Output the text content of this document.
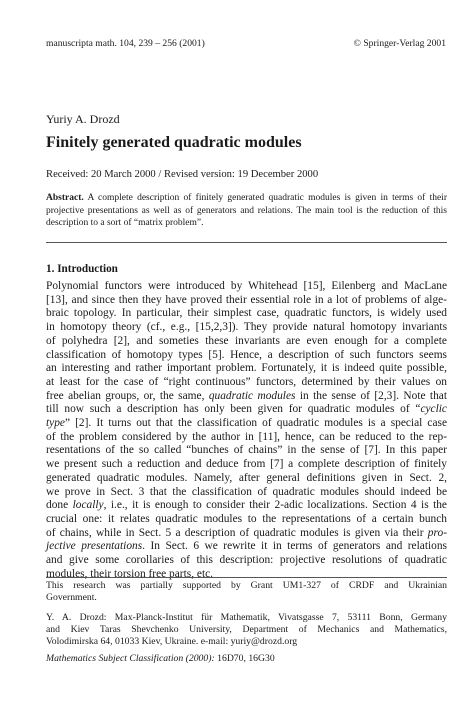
manuscripta math. 104, 239 – 256 (2001)	© Springer-Verlag 2001
Yuriy A. Drozd
Finitely generated quadratic modules
Received: 20 March 2000 / Revised version: 19 December 2000
Abstract. A complete description of finitely generated quadratic modules is given in terms of their projective presentations as well as of generators and relations. The main tool is the reduction of this description to a sort of “matrix problem”.
1. Introduction
Polynomial functors were introduced by Whitehead [15], Eilenberg and MacLane
[13], and since then they have proved their essential role in a lot of problems of alge-
braic topology. In particular, their simplest case, quadratic functors, is widely used
in homotopy theory (cf., e.g., [15,2,3]). They provide natural homotopy invariants
of polyhedra [2], and someties these invariants are even enough for a complete
classification of homotopy types [5]. Hence, a description of such functors seems
an interesting and rather important problem. Fortunately, it is indeed quite possible,
at least for the case of “right continuous” functors, determined by their values on
free abelian groups, or, the same, quadratic modules in the sense of [2,3]. Note that
till now such a description has only been given for quadratic modules of “cyclic
type” [2]. It turns out that the classification of quadratic modules is a special case
of the problem considered by the author in [11], hence, can be reduced to the rep-
resentations of the so called “bunches of chains” in the sense of [7]. In this paper
we present such a reduction and deduce from [7] a complete description of finitely
generated quadratic modules. Namely, after general definitions given in Sect. 2,
we prove in Sect. 3 that the classification of quadratic modules should indeed be
done locally, i.e., it is enough to consider their 2-adic localizations. Section 4 is the
crucial one: it relates quadratic modules to the representations of a certain bunch
of chains, while in Sect. 5 a description of quadratic modules is given via their pro-
jective presentations. In Sect. 6 we rewrite it in terms of generators and relations
and give some corollaries of this description: projective resolutions of quadratic
modules, their torsion free parts, etc.
This research was partially supported by Grant UM1-327 of CRDF and Ukrainian
Government.
Y. A. Drozd: Max-Planck-Institut für Mathematik, Vivatsgasse 7, 53111 Bonn, Germany
and Kiev Taras Shevchenko University, Department of Mechanics and Mathematics,
Volodimirska 64, 01033 Kiev, Ukraine. e-mail: yuriy@drozd.org
Mathematics Subject Classification (2000): 16D70, 16G30
